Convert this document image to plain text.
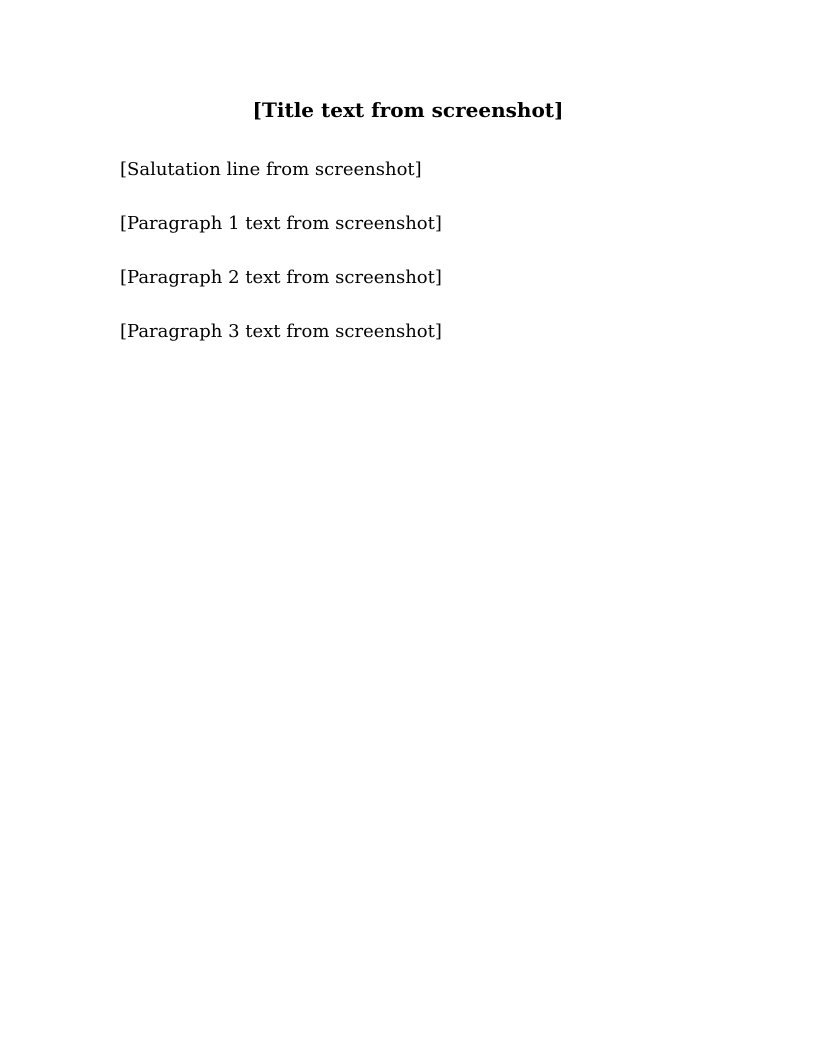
[Title text from screenshot]
[Salutation line from screenshot]

[Paragraph 1 text from screenshot]

[Paragraph 2 text from screenshot]

[Paragraph 3 text from screenshot]
